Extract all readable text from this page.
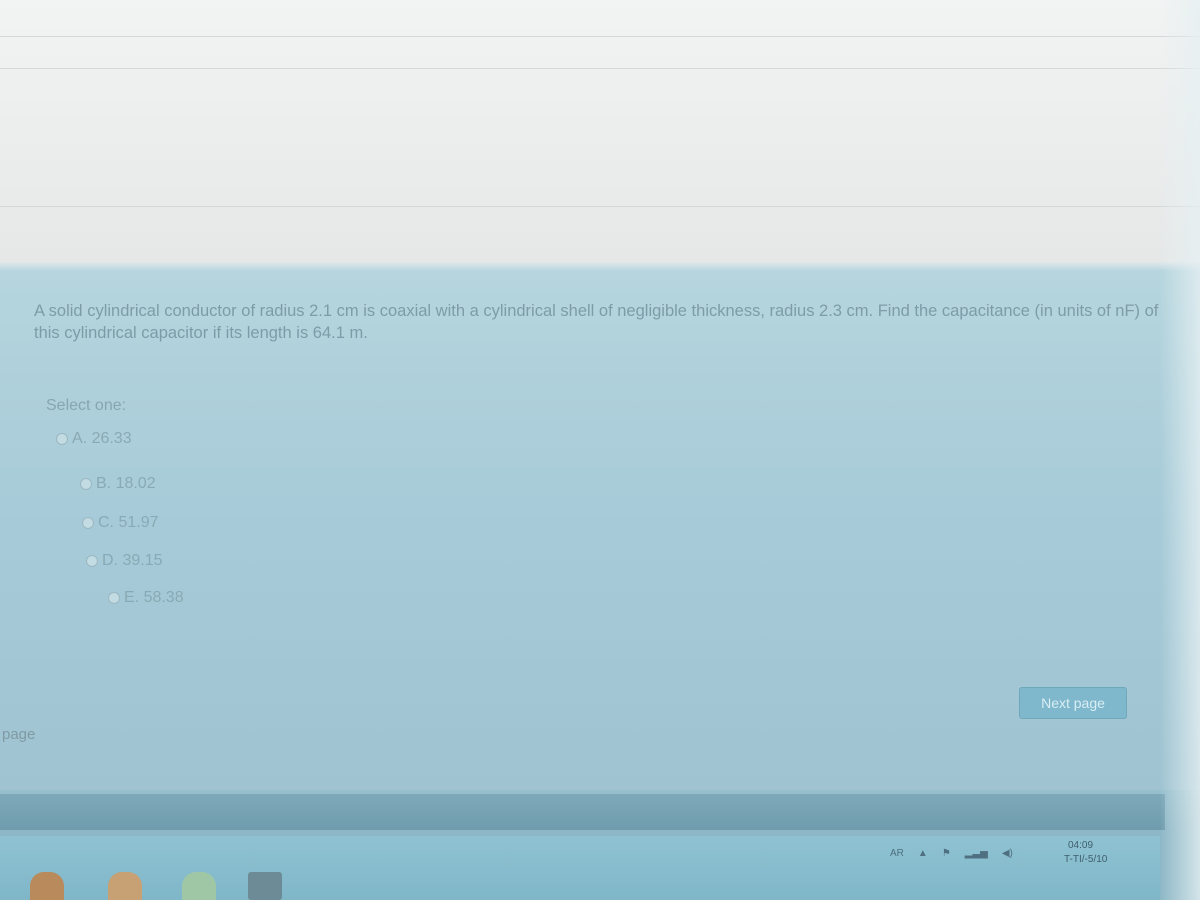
A solid cylindrical conductor of radius 2.1 cm is coaxial with a cylindrical shell of negligible thickness, radius 2.3 cm. Find the capacitance (in units of nF) of this cylindrical capacitor if its length is 64.1 m.
Select one:
A. 26.33
B. 18.02
C. 51.97
D. 39.15
E. 58.38
Next page
page
AR ▲ ⚑ ▂▃▅ ◀)
04:09
T-TI/-5/10
